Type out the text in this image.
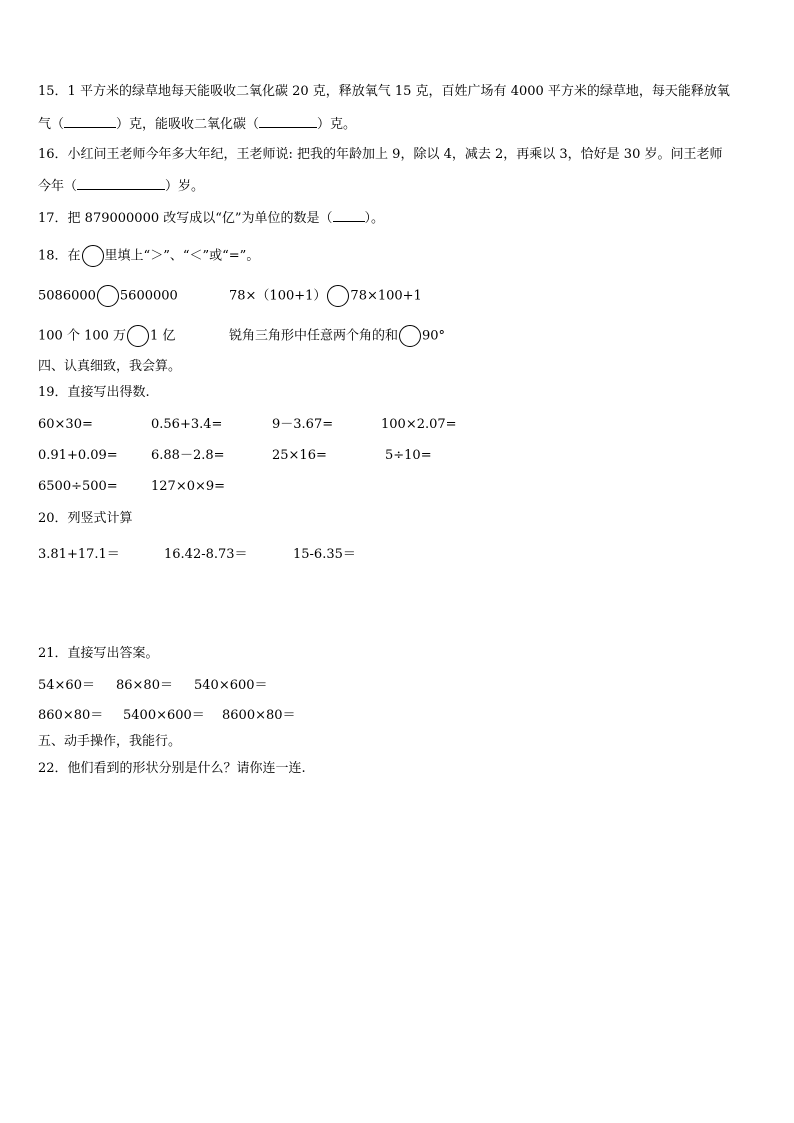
15．1 平方米的绿草地每天能吸收二氧化碳 20 克，释放氧气 15 克，百姓广场有 4000 平方米的绿草地，每天能释放氧
气（	）克，能吸收二氧化碳（	）克。
16．小红问王老师今年多大年纪，王老师说: 把我的年龄加上 9，除以 4，减去 2，再乘以 3，恰好是 30 岁。问王老师
今年（	）岁。
17．把 879000000 改写成以“亿”为单位的数是（ ）。
18．在 里填上“＞”、“＜”或“=”。
5086000 5600000	78×（100+1） 78×100+1
100 个 100 万 1 亿	锐角三角形中任意两个角的和 90°
四、认真细致，我会算。
19．直接写出得数.
60×30=	0.56+3.4=	9－3.67=	100×2.07=
0.91+0.09=	6.88－2.8=	25×16=	5÷10=
6500÷500=	127×0×9=
20．列竖式计算
3.81+17.1＝	16.42-8.73＝	15-6.35＝
21．直接写出答案。
54×60＝ 86×80＝ 540×600＝
860×80＝ 5400×600＝ 8600×80＝
五、动手操作，我能行。
22．他们看到的形状分别是什么？请你连一连.
